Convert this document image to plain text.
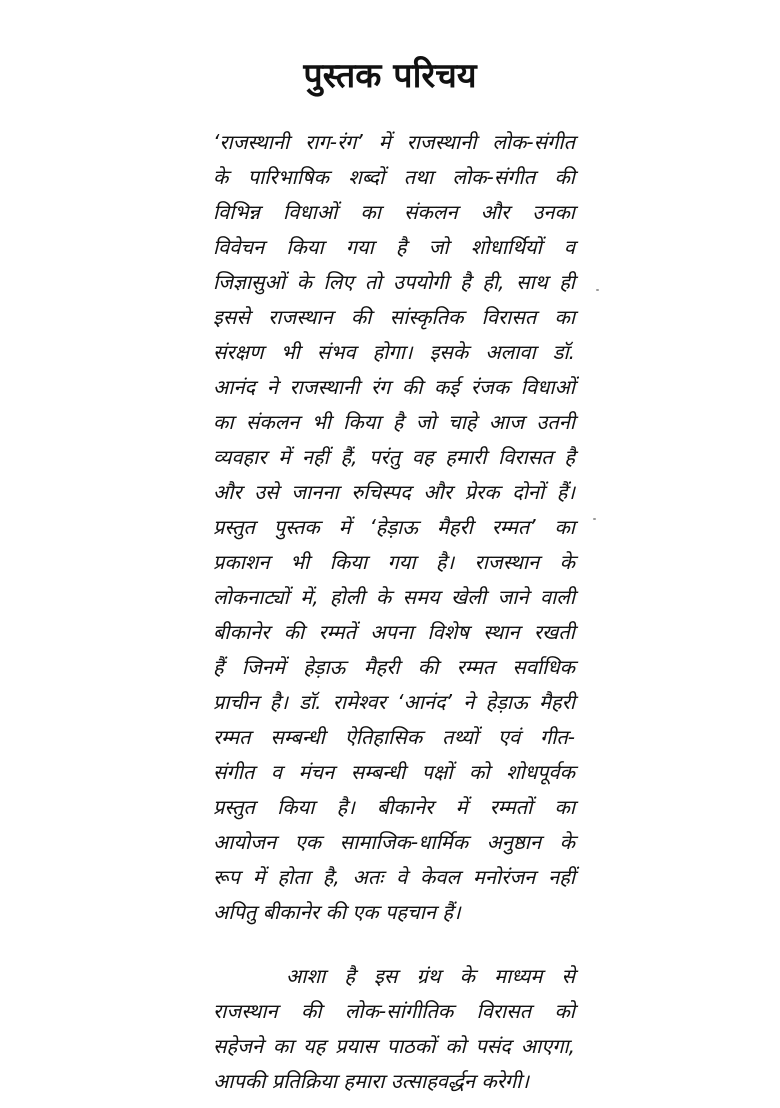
पुस्तक परिचय
‘राजस्थानी राग-रंग’ में राजस्थानी लोक-संगीत
के पारिभाषिक शब्दों तथा लोक-संगीत की
विभिन्न विधाओं का संकलन और उनका
विवेचन किया गया है जो शोधार्थियों व
जिज्ञासुओं के लिए तो उपयोगी है ही, साथ ही
इससे राजस्थान की सांस्कृतिक विरासत का
संरक्षण भी संभव होगा। इसके अलावा डॉ.
आनंद ने राजस्थानी रंग की कई रंजक विधाओं
का संकलन भी किया है जो चाहे आज उतनी
व्यवहार में नहीं हैं, परंतु वह हमारी विरासत है
और उसे जानना रुचिस्पद और प्रेरक दोनों हैं।
प्रस्तुत पुस्तक में ‘हेड़ाऊ मैहरी रम्मत’ का
प्रकाशन भी किया गया है। राजस्थान के
लोकनाट्यों में, होली के समय खेली जाने वाली
बीकानेर की रम्मतें अपना विशेष स्थान रखती
हैं जिनमें हेड़ाऊ मैहरी की रम्मत सर्वाधिक
प्राचीन है। डॉ. रामेश्वर ‘आनंद’ ने हेड़ाऊ मैहरी
रम्मत सम्बन्धी ऐतिहासिक तथ्यों एवं गीत-
संगीत व मंचन सम्बन्धी पक्षों को शोधपूर्वक
प्रस्तुत किया है। बीकानेर में रम्मतों का
आयोजन एक सामाजिक-धार्मिक अनुष्ठान के
रूप में होता है, अतः वे केवल मनोरंजन नहीं
अपितु बीकानेर की एक पहचान हैं।
आशा है इस ग्रंथ के माध्यम से
राजस्थान की लोक-सांगीतिक विरासत को
सहेजने का यह प्रयास पाठकों को पसंद आएगा,
आपकी प्रतिक्रिया हमारा उत्साहवर्द्धन करेगी।
